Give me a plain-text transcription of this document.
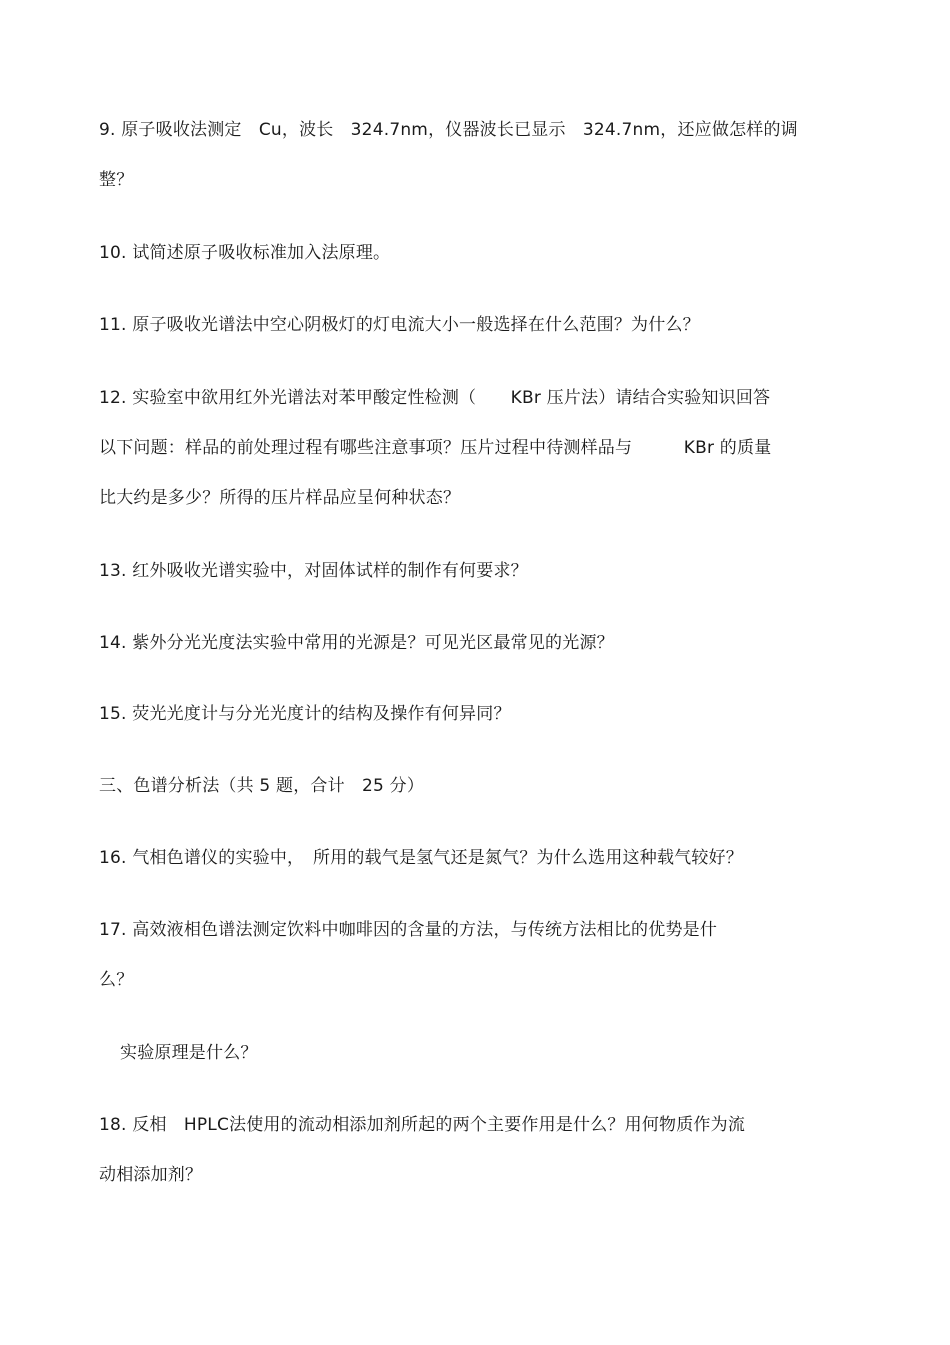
9. 原子吸收法测定　Cu，波长　324.7nm，仪器波长已显示　324.7nm，还应做怎样的调
整？
10. 试简述原子吸收标准加入法原理。
11. 原子吸收光谱法中空心阴极灯的灯电流大小一般选择在什么范围？为什么？
12. 实验室中欲用红外光谱法对苯甲酸定性检测（　　KBr 压片法）请结合实验知识回答
以下问题：样品的前处理过程有哪些注意事项？压片过程中待测样品与　　　KBr 的质量
比大约是多少？所得的压片样品应呈何种状态？
13. 红外吸收光谱实验中，对固体试样的制作有何要求？
14. 紫外分光光度法实验中常用的光源是？可见光区最常见的光源？
15. 荧光光度计与分光光度计的结构及操作有何异同？
三、色谱分析法（共 5 题，合计　25 分）
16. 气相色谱仪的实验中，　所用的载气是氢气还是氮气？为什么选用这种载气较好？
17. 高效液相色谱法测定饮料中咖啡因的含量的方法，与传统方法相比的优势是什
么？
实验原理是什么？
18. 反相　HPLC法使用的流动相添加剂所起的两个主要作用是什么？用何物质作为流
动相添加剂？
